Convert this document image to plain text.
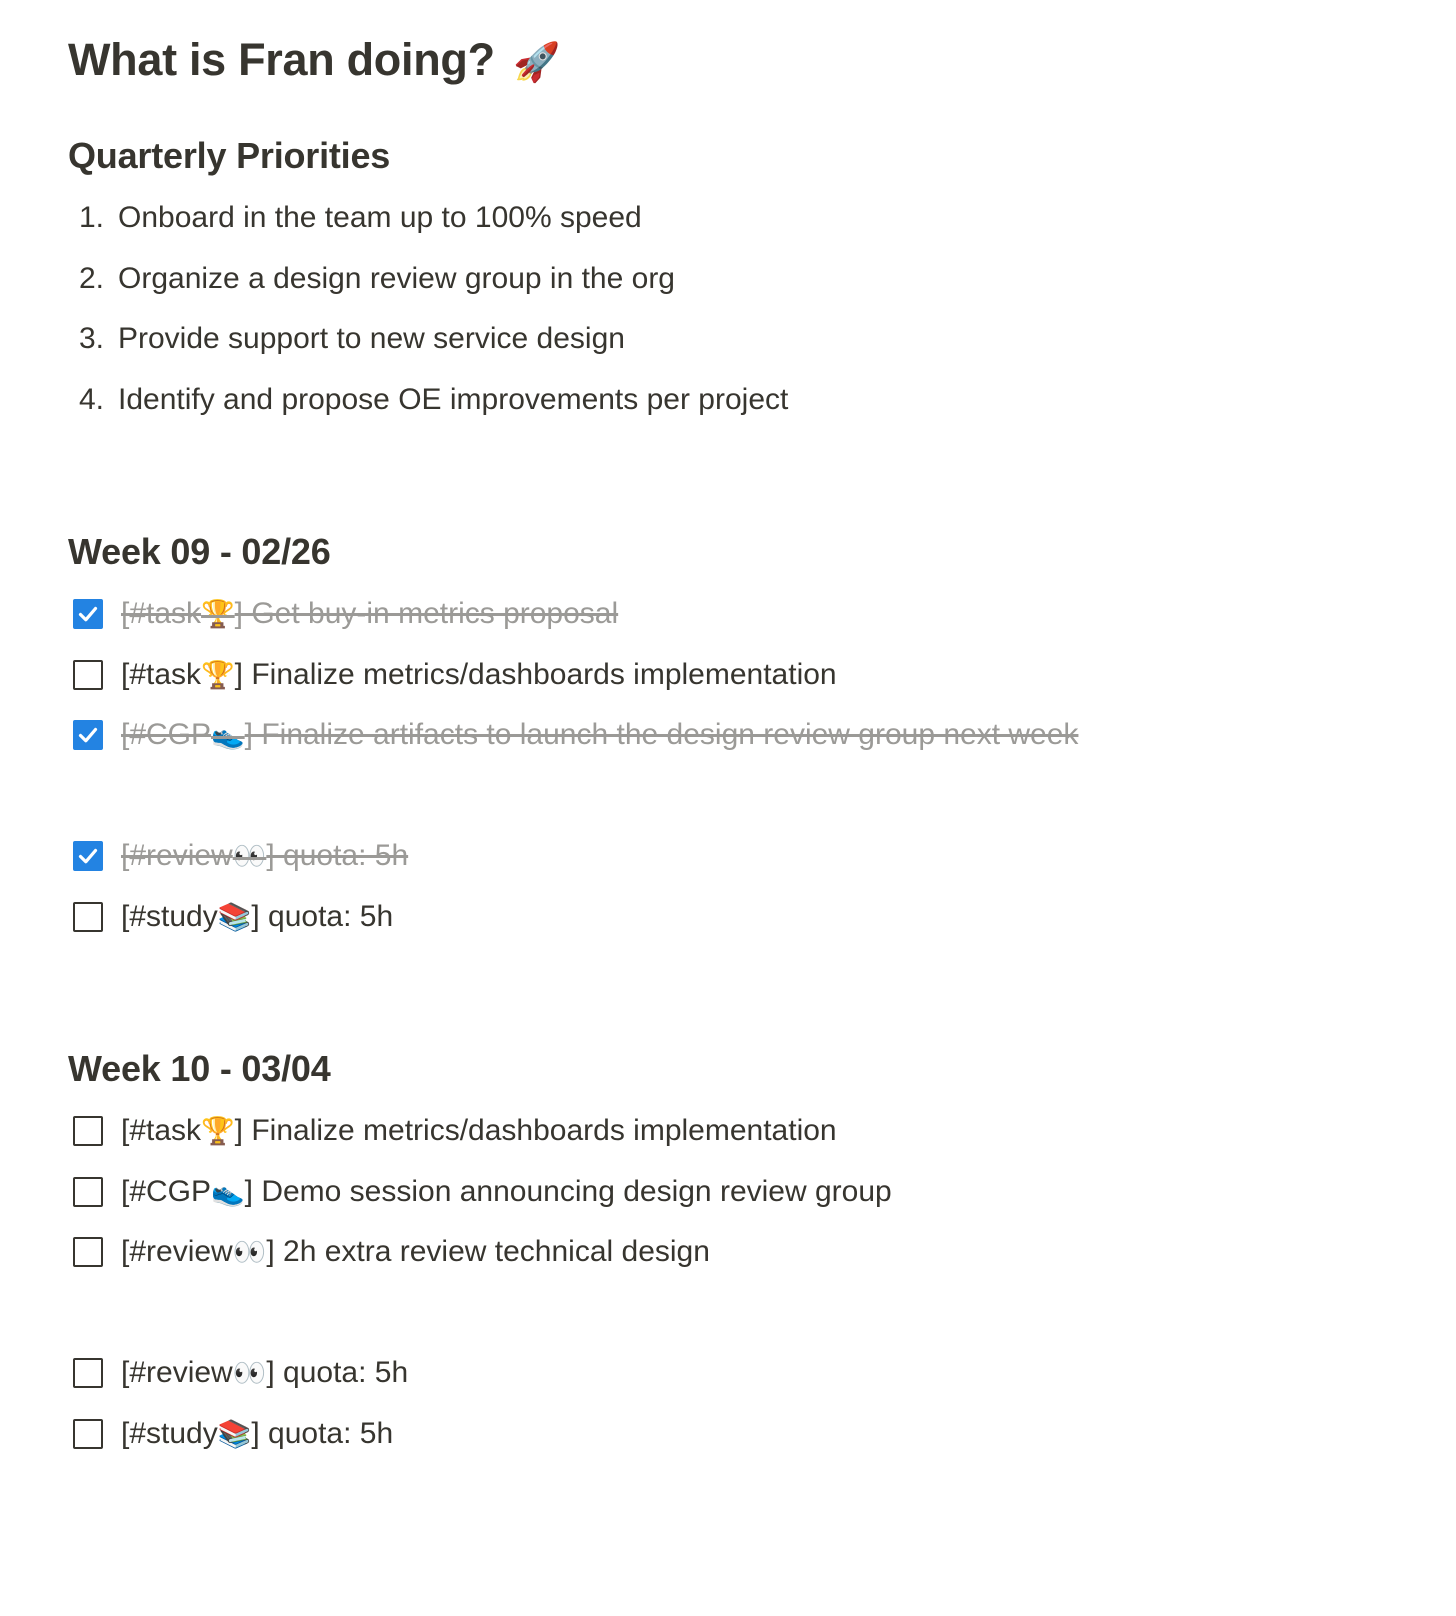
What is Fran doing? 🚀
Quarterly Priorities
1. Onboard in the team up to 100% speed
2. Organize a design review group in the org
3. Provide support to new service design
4. Identify and propose OE improvements per project
Week 09 - 02/26
[#task🏆] Get buy-in metrics proposal
[#task🏆] Finalize metrics/dashboards implementation
[#CGP👟] Finalize artifacts to launch the design review group next week
[#review👀] quota: 5h
[#study📚] quota: 5h
Week 10 - 03/04
[#task🏆] Finalize metrics/dashboards implementation
[#CGP👟] Demo session announcing design review group
[#review👀] 2h extra review technical design
[#review👀] quota: 5h
[#study📚] quota: 5h
